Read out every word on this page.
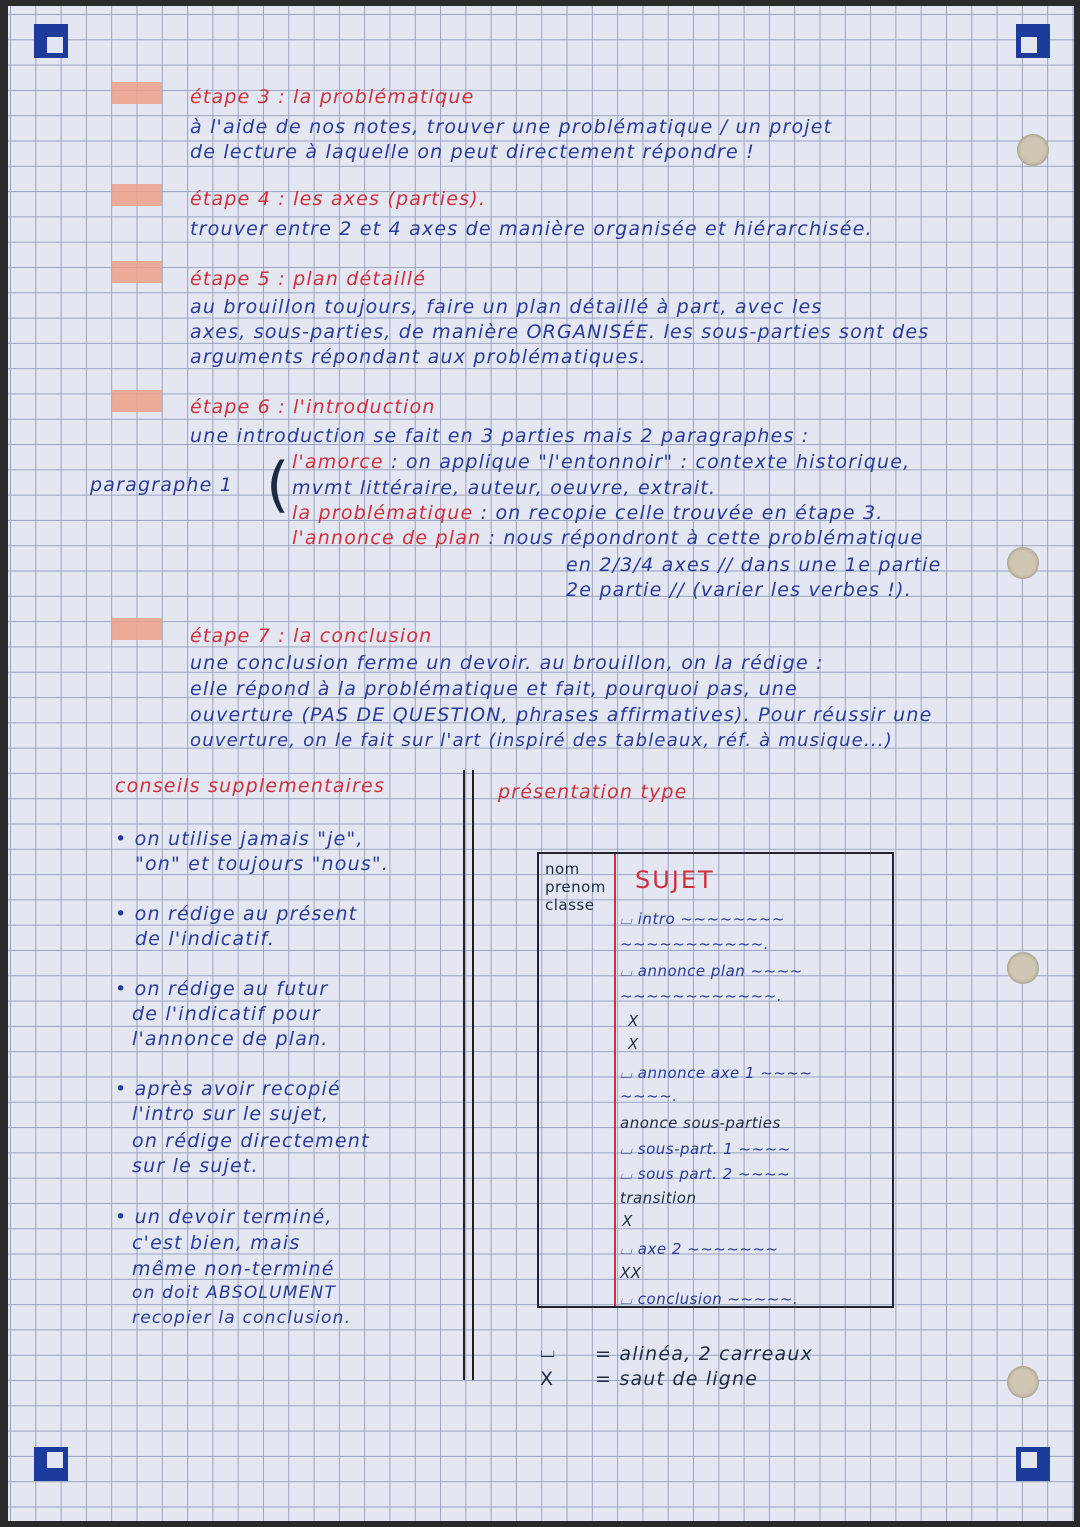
étape 3 : la problématique
à l'aide de nos notes, trouver une problématique / un projet
de lecture à laquelle on peut directement répondre !
étape 4 : les axes (parties).
trouver entre 2 et 4 axes de manière organisée et hiérarchisée.
étape 5 : plan détaillé
au brouillon toujours, faire un plan détaillé à part, avec les
axes, sous-parties, de manière ORGANISÉE. les sous-parties sont des
arguments répondant aux problématiques.
étape 6 : l'introduction
une introduction se fait en 3 parties mais 2 paragraphes :
paragraphe 1 ( l'amorce : on applique "l'entonnoir" : contexte historique,
mvmt littéraire, auteur, oeuvre, extrait.
la problématique : on recopie celle trouvée en étape 3.
l'annonce de plan : nous répondront à cette problématique
en 2/3/4 axes // dans une 1e partie
2e partie // (varier les verbes !).
étape 7 : la conclusion
une conclusion ferme un devoir. au brouillon, on la rédige :
elle répond à la problématique et fait, pourquoi pas, une
ouverture (PAS DE QUESTION, phrases affirmatives). Pour réussir une
ouverture, on le fait sur l'art (inspiré des tableaux, réf. à musique...)
conseils supplementaires	présentation type
• on utilise jamais "je",
"on" et toujours "nous".
• on rédige au présent
de l'indicatif.
• on rédige au futur
de l'indicatif pour
l'annonce de plan.
• après avoir recopié
l'intro sur le sujet,
on rédige directement
sur le sujet.
• un devoir terminé,
c'est bien, mais
même non-terminé
on doit ABSOLUMENT
recopier la conclusion.
nom
prenom
classe
SUJET
⌴ intro ~~~~~~~~
~~~~~~~~~~~.
⌴ annonce plan ~~~~
~~~~~~~~~~~~.
X
X
⌴ annonce axe 1 ~~~~
~~~~.
anonce sous-parties
⌴ sous-part. 1 ~~~~
⌴ sous part. 2 ~~~~
transition
X
⌴ axe 2 ~~~~~~~
XX
⌴ conclusion ~~~~~.
⌴ = alinéa, 2 carreaux
X = saut de ligne
